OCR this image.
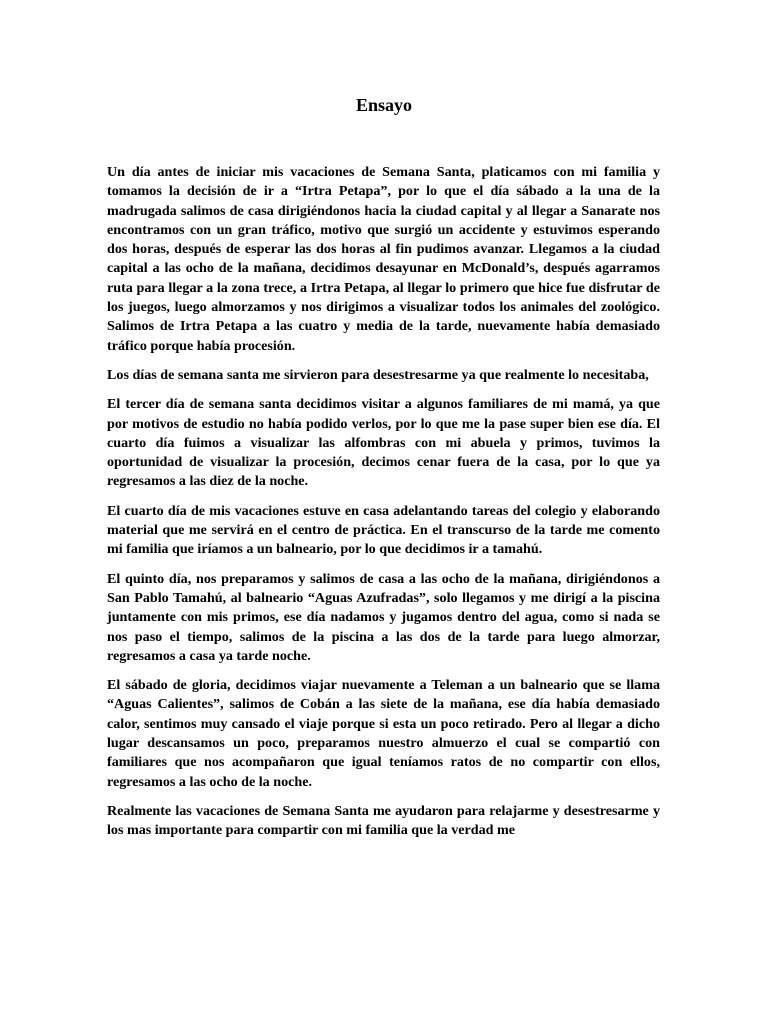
Ensayo

Un día antes de iniciar mis vacaciones de Semana Santa, platicamos con mi familia y tomamos la decisión de ir a “Irtra Petapa”, por lo que el día sábado a la una de la madrugada salimos de casa dirigiéndonos hacia la ciudad capital y al llegar a Sanarate nos encontramos con un gran tráfico, motivo que surgió un accidente y estuvimos esperando dos horas, después de esperar las dos horas al fin pudimos avanzar. Llegamos a la ciudad capital a las ocho de la mañana, decidimos desayunar en McDonald’s, después agarramos ruta para llegar a la zona trece, a Irtra Petapa, al llegar lo primero que hice fue disfrutar de los juegos, luego almorzamos y nos dirigimos a visualizar todos los animales del zoológico. Salimos de Irtra Petapa a las cuatro y media de la tarde, nuevamente había demasiado tráfico porque había procesión.

Los días de semana santa me sirvieron para desestresarme ya que realmente lo necesitaba,

El tercer día de semana santa decidimos visitar a algunos familiares de mi mamá, ya que por motivos de estudio no había podido verlos, por lo que me la pase super bien ese día. El cuarto día fuimos a visualizar las alfombras con mi abuela y primos, tuvimos la oportunidad de visualizar la procesión, decimos cenar fuera de la casa, por lo que ya regresamos a las diez de la noche.

El cuarto día de mis vacaciones estuve en casa adelantando tareas del colegio y elaborando material que me servirá en el centro de práctica. En el transcurso de la tarde me comento mi familia que iríamos a un balneario, por lo que decidimos ir a tamahú.

El quinto día, nos preparamos y salimos de casa a las ocho de la mañana, dirigiéndonos a San Pablo Tamahú, al balneario “Aguas Azufradas”, solo llegamos y me dirigí a la piscina juntamente con mis primos, ese día nadamos y jugamos dentro del agua, como si nada se nos paso el tiempo, salimos de la piscina a las dos de la tarde para luego almorzar, regresamos a casa ya tarde noche.

El sábado de gloria, decidimos viajar nuevamente a Teleman a un balneario que se llama “Aguas Calientes”, salimos de Cobán a las siete de la mañana, ese día había demasiado calor, sentimos muy cansado el viaje porque si esta un poco retirado. Pero al llegar a dicho lugar descansamos un poco, preparamos nuestro almuerzo el cual se compartió con familiares que nos acompañaron que igual teníamos ratos de no compartir con ellos, regresamos a las ocho de la noche.

Realmente las vacaciones de Semana Santa me ayudaron para relajarme y desestresarme y los mas importante para compartir con mi familia que la verdad me
